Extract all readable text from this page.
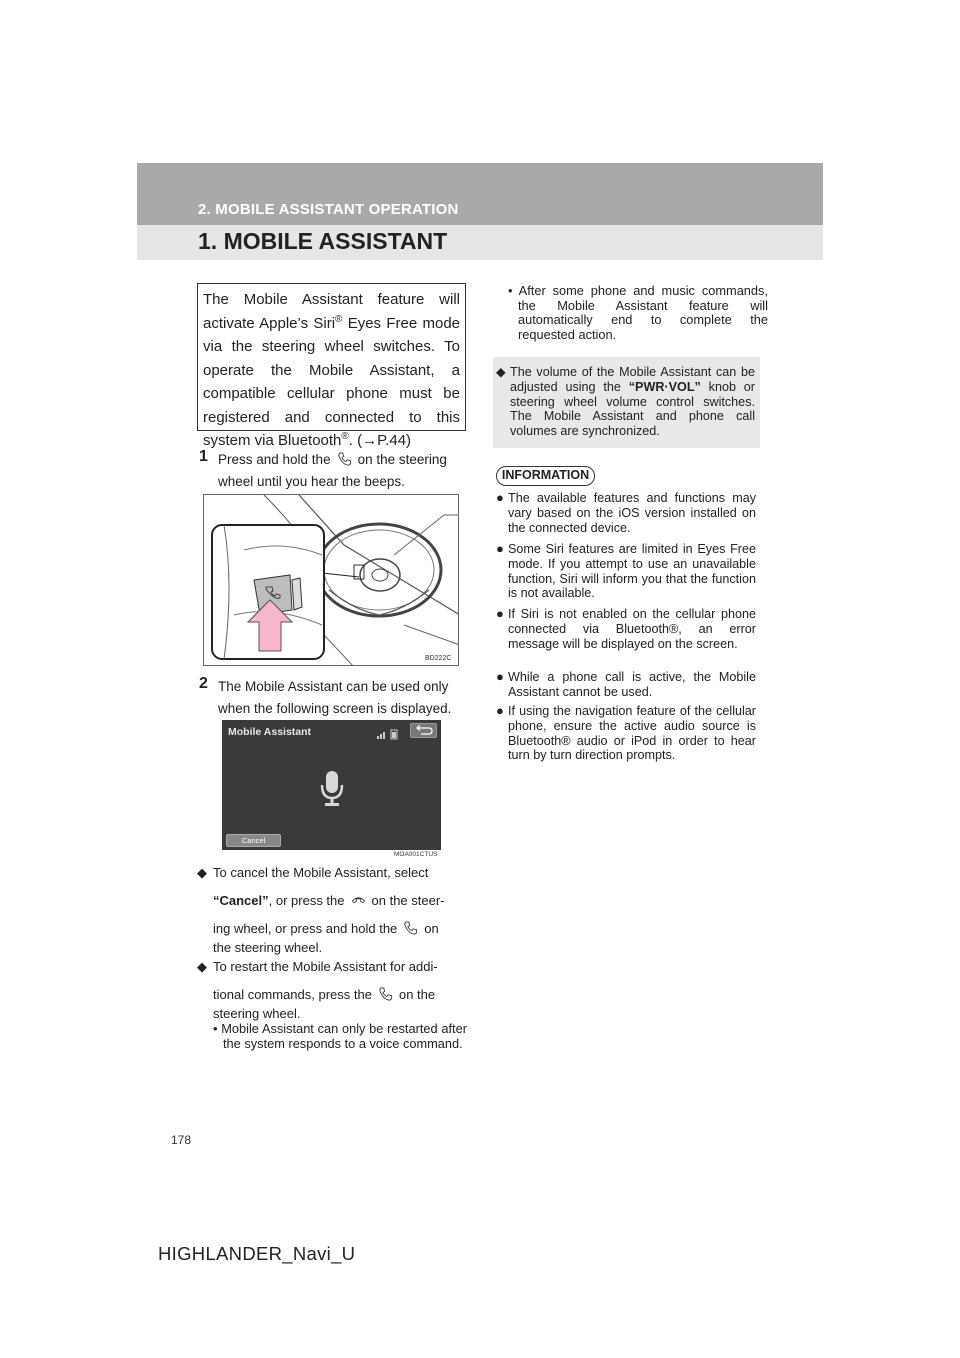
2. MOBILE ASSISTANT OPERATION
1. MOBILE ASSISTANT
The Mobile Assistant feature will activate Apple’s Siri® Eyes Free mode via the steering wheel switches. To operate the Mobile Assistant, a compatible cellular phone must be registered and connected to this system via Bluetooth®. (→P.44)
1 Press and hold the on the steering
wheel until you hear the beeps.
BD222C
2 The Mobile Assistant can be used only
when the following screen is displayed.
Mobile Assistant
Cancel
MOA001CTUS
◆ To cancel the Mobile Assistant, select
“Cancel”, or press the on the steer-
ing wheel, or press and hold the on
the steering wheel.
◆ To restart the Mobile Assistant for addi-
tional commands, press the on the
steering wheel.
• Mobile Assistant can only be restarted after the system responds to a voice command.
• After some phone and music commands, the Mobile Assistant feature will automatically end to complete the requested action.
◆ The volume of the Mobile Assistant can be adjusted using the “PWR·VOL” knob or steering wheel volume control switches. The Mobile Assistant and phone call volumes are synchronized.
INFORMATION
● The available features and functions may vary based on the iOS version installed on the connected device.
● Some Siri features are limited in Eyes Free mode. If you attempt to use an unavailable function, Siri will inform you that the function is not available.
● If Siri is not enabled on the cellular phone connected via Bluetooth®, an error message will be displayed on the screen.
● While a phone call is active, the Mobile Assistant cannot be used.
● If using the navigation feature of the cellular phone, ensure the active audio source is Bluetooth® audio or iPod in order to hear turn by turn direction prompts.
178
HIGHLANDER_Navi_U
